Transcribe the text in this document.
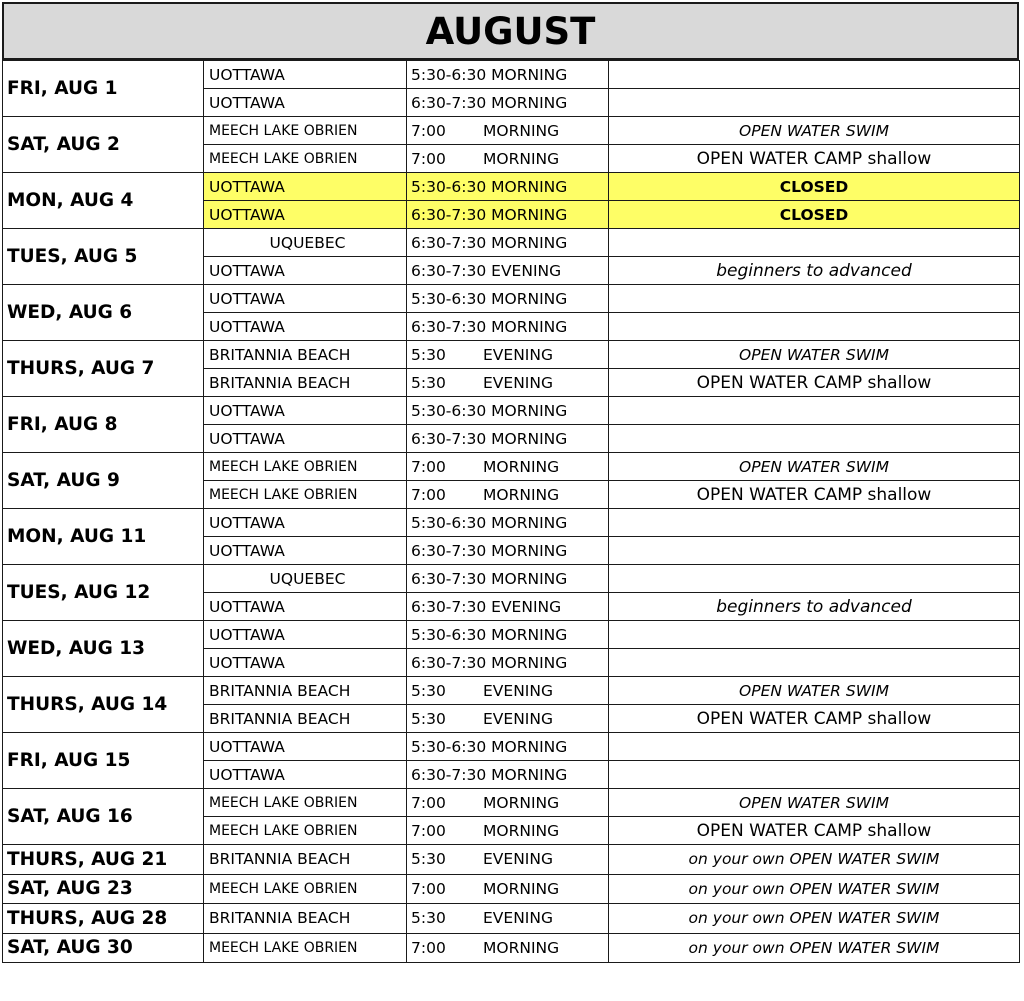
AUGUST
FRI, AUG 1	UOTTAWA	5:30-6:30 MORNING	
	UOTTAWA	6:30-7:30 MORNING	
SAT, AUG 2	MEECH LAKE OBRIEN	7:00 MORNING	OPEN WATER SWIM
	MEECH LAKE OBRIEN	7:00 MORNING	OPEN WATER CAMP shallow
MON, AUG 4	UOTTAWA	5:30-6:30 MORNING	CLOSED
	UOTTAWA	6:30-7:30 MORNING	CLOSED
TUES, AUG 5	UQUEBEC	6:30-7:30 MORNING	
	UOTTAWA	6:30-7:30 EVENING	beginners to advanced
WED, AUG 6	UOTTAWA	5:30-6:30 MORNING	
	UOTTAWA	6:30-7:30 MORNING	
THURS, AUG 7	BRITANNIA BEACH	5:30 EVENING	OPEN WATER SWIM
	BRITANNIA BEACH	5:30 EVENING	OPEN WATER CAMP shallow
FRI, AUG 8	UOTTAWA	5:30-6:30 MORNING	
	UOTTAWA	6:30-7:30 MORNING	
SAT, AUG 9	MEECH LAKE OBRIEN	7:00 MORNING	OPEN WATER SWIM
	MEECH LAKE OBRIEN	7:00 MORNING	OPEN WATER CAMP shallow
MON, AUG 11	UOTTAWA	5:30-6:30 MORNING	
	UOTTAWA	6:30-7:30 MORNING	
TUES, AUG 12	UQUEBEC	6:30-7:30 MORNING	
	UOTTAWA	6:30-7:30 EVENING	beginners to advanced
WED, AUG 13	UOTTAWA	5:30-6:30 MORNING	
	UOTTAWA	6:30-7:30 MORNING	
THURS, AUG 14	BRITANNIA BEACH	5:30 EVENING	OPEN WATER SWIM
	BRITANNIA BEACH	5:30 EVENING	OPEN WATER CAMP shallow
FRI, AUG 15	UOTTAWA	5:30-6:30 MORNING	
	UOTTAWA	6:30-7:30 MORNING	
SAT, AUG 16	MEECH LAKE OBRIEN	7:00 MORNING	OPEN WATER SWIM
	MEECH LAKE OBRIEN	7:00 MORNING	OPEN WATER CAMP shallow
THURS, AUG 21	BRITANNIA BEACH	5:30 EVENING	on your own OPEN WATER SWIM
SAT, AUG 23	MEECH LAKE OBRIEN	7:00 MORNING	on your own OPEN WATER SWIM
THURS, AUG 28	BRITANNIA BEACH	5:30 EVENING	on your own OPEN WATER SWIM
SAT, AUG 30	MEECH LAKE OBRIEN	7:00 MORNING	on your own OPEN WATER SWIM
